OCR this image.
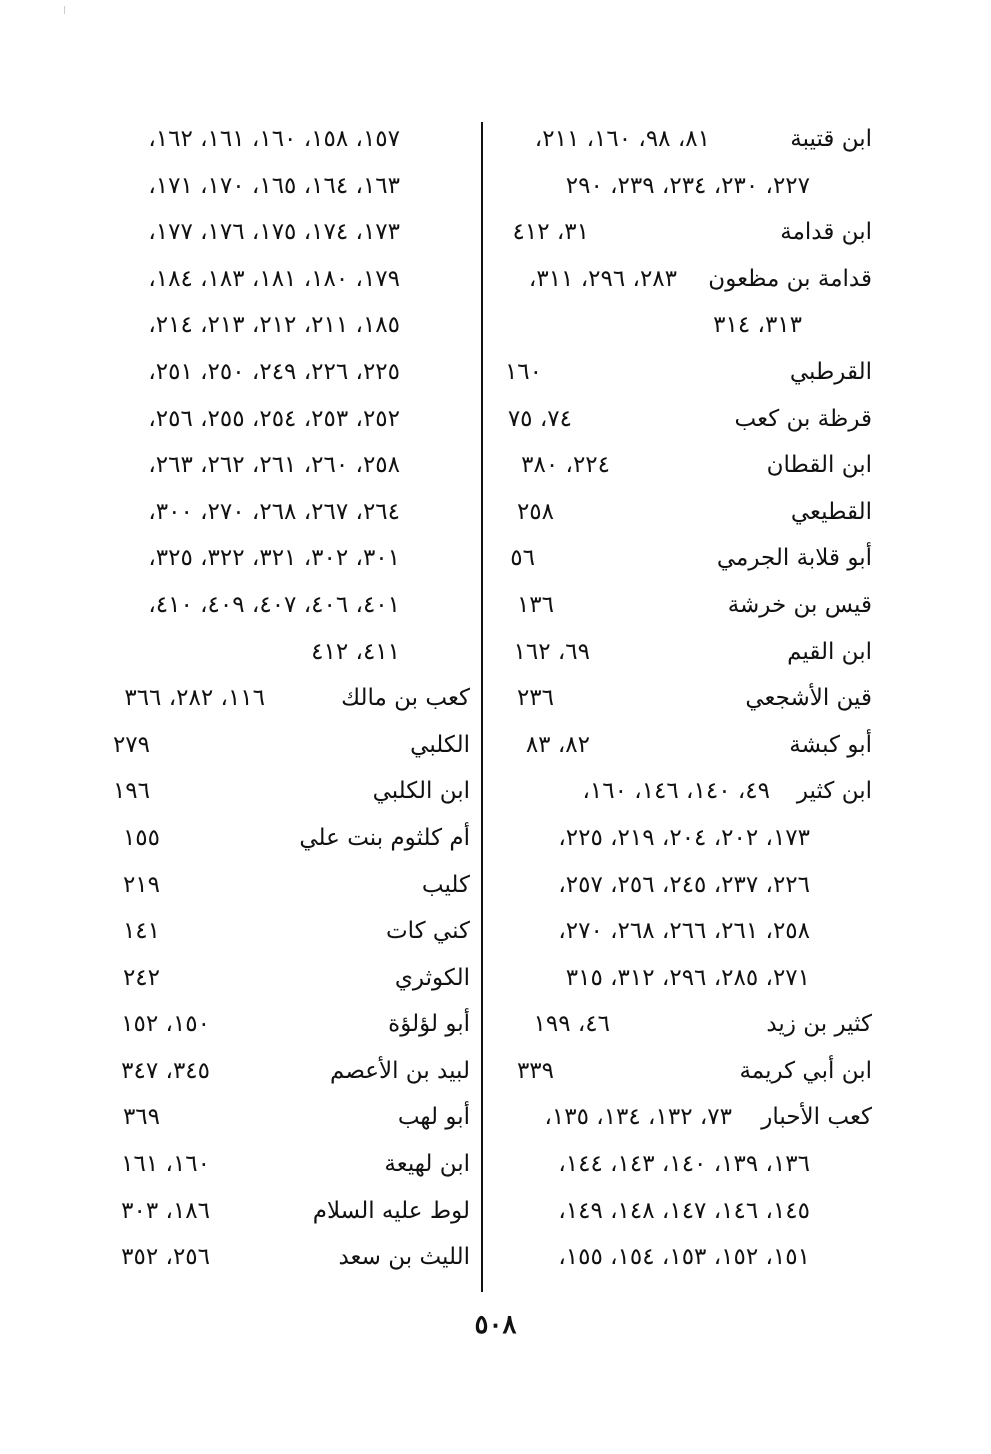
ابن قتيبة
٨١، ٩٨، ١٦٠، ٢١١،
٢٢٧، ٢٣٠، ٢٣٤، ٢٣٩، ٢٩٠
ابن قدامة
٣١، ٤١٢
قدامة بن مظعون
٢٨٣، ٢٩٦، ٣١١،
٣١٣، ٣١٤
القرطبي
١٦٠
قرظة بن كعب
٧٤، ٧٥
ابن القطان
٢٢٤، ٣٨٠
القطيعي
٢٥٨
أبو قلابة الجرمي
٥٦
قيس بن خرشة
١٣٦
ابن القيم
٦٩، ١٦٢
قين الأشجعي
٢٣٦
أبو كبشة
٨٢، ٨٣
ابن كثير
٤٩، ١٤٠، ١٤٦، ١٦٠،
١٧٣، ٢٠٢، ٢٠٤، ٢١٩، ٢٢٥،
٢٢٦، ٢٣٧، ٢٤٥، ٢٥٦، ٢٥٧،
٢٥٨، ٢٦١، ٢٦٦، ٢٦٨، ٢٧٠،
٢٧١، ٢٨٥، ٢٩٦، ٣١٢، ٣١٥
كثير بن زيد
٤٦، ١٩٩
ابن أبي كريمة
٣٣٩
كعب الأحبار
٧٣، ١٣٢، ١٣٤، ١٣٥،
١٣٦، ١٣٩، ١٤٠، ١٤٣، ١٤٤،
١٤٥، ١٤٦، ١٤٧، ١٤٨، ١٤٩،
١٥١، ١٥٢، ١٥٣، ١٥٤، ١٥٥،
١٥٧، ١٥٨، ١٦٠، ١٦١، ١٦٢،
١٦٣، ١٦٤، ١٦٥، ١٧٠، ١٧١،
١٧٣، ١٧٤، ١٧٥، ١٧٦، ١٧٧،
١٧٩، ١٨٠، ١٨١، ١٨٣، ١٨٤،
١٨٥، ٢١١، ٢١٢، ٢١٣، ٢١٤،
٢٢٥، ٢٢٦، ٢٤٩، ٢٥٠، ٢٥١،
٢٥٢، ٢٥٣، ٢٥٤، ٢٥٥، ٢٥٦،
٢٥٨، ٢٦٠، ٢٦١، ٢٦٢، ٢٦٣،
٢٦٤، ٢٦٧، ٢٦٨، ٢٧٠، ٣٠٠،
٣٠١، ٣٠٢، ٣٢١، ٣٢٢، ٣٢٥،
٤٠١، ٤٠٦، ٤٠٧، ٤٠٩، ٤١٠،
٤١١، ٤١٢
كعب بن مالك
١١٦، ٢٨٢، ٣٦٦
الكلبي
٢٧٩
ابن الكلبي
١٩٦
أم كلثوم بنت علي
١٥٥
كليب
٢١٩
كني كات
١٤١
الكوثري
٢٤٢
أبو لؤلؤة
١٥٠، ١٥٢
لبيد بن الأعصم
٣٤٥، ٣٤٧
أبو لهب
٣٦٩
ابن لهيعة
١٦٠، ١٦١
لوط عليه السلام
١٨٦، ٣٠٣
الليث بن سعد
٢٥٦، ٣٥٢
٥٠٨
